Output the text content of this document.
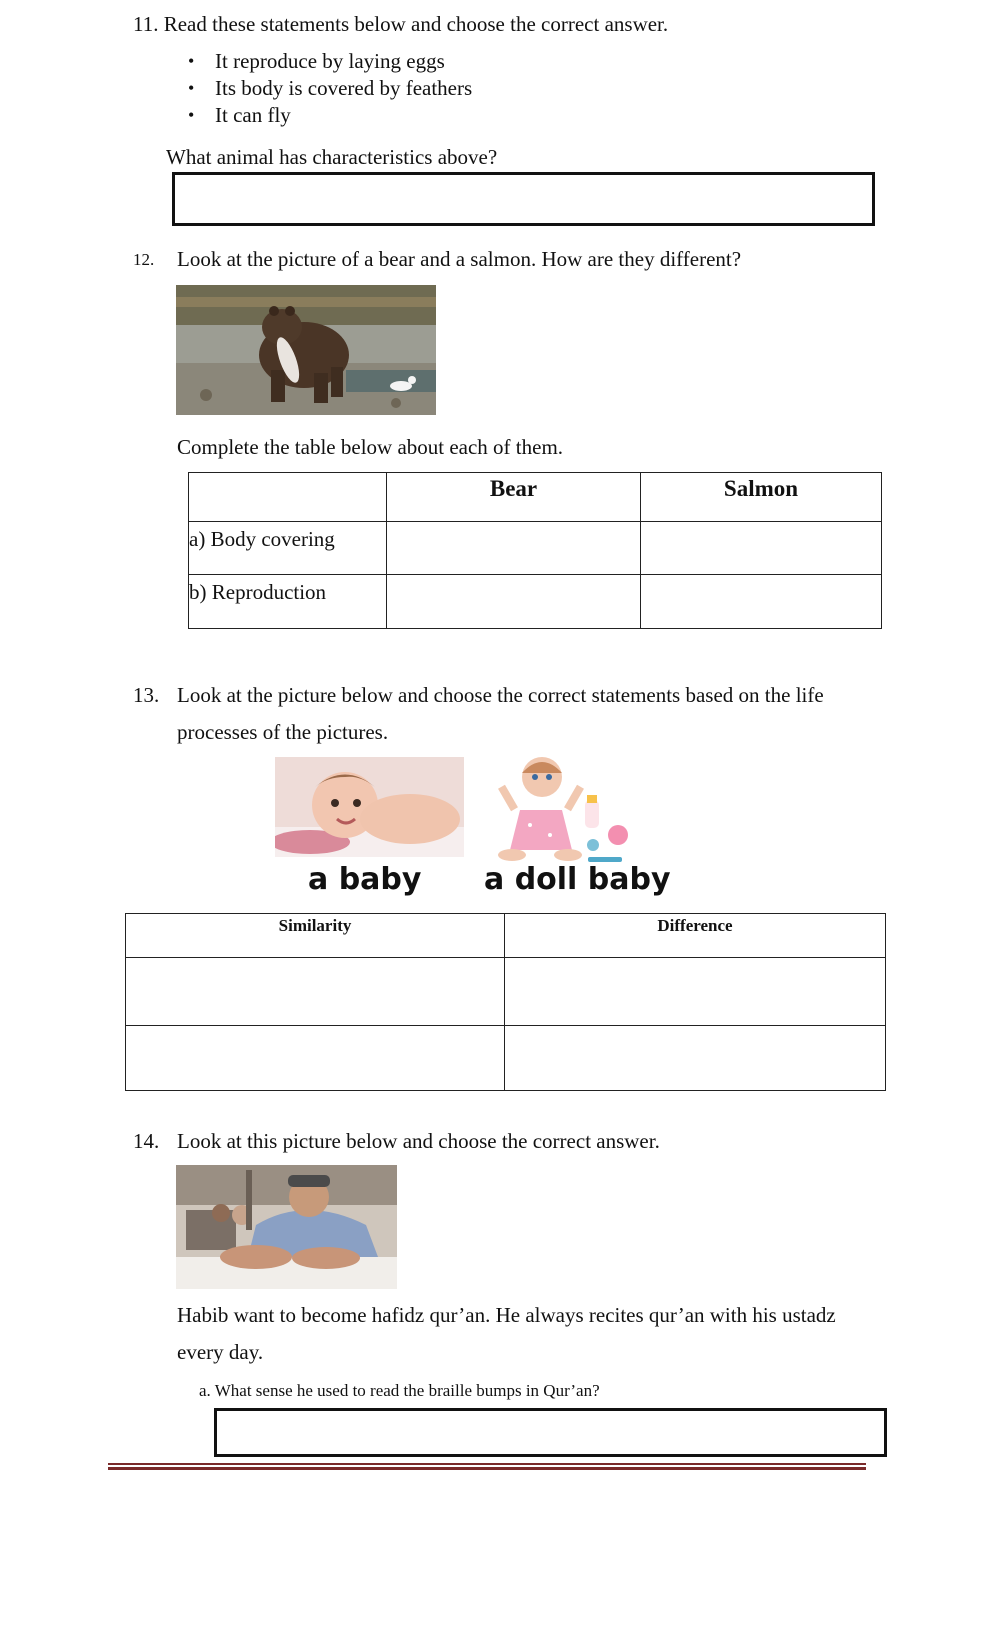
11. Read these statements below and choose the correct answer.
• It reproduce by laying eggs
• Its body is covered by feathers
• It can fly
What animal has characteristics above?
12. Look at the picture of a bear and a salmon. How are they different?
Complete the table below about each of them.
	Bear	Salmon
a) Body covering		
b) Reproduction		
13. Look at the picture below and choose the correct statements based on the life
processes of the pictures.
a baby a doll baby
Similarity	Difference

14. Look at this picture below and choose the correct answer.
Habib want to become hafidz qur’an. He always recites qur’an with his ustadz
every day.
a. What sense he used to read the braille bumps in Qur’an?
